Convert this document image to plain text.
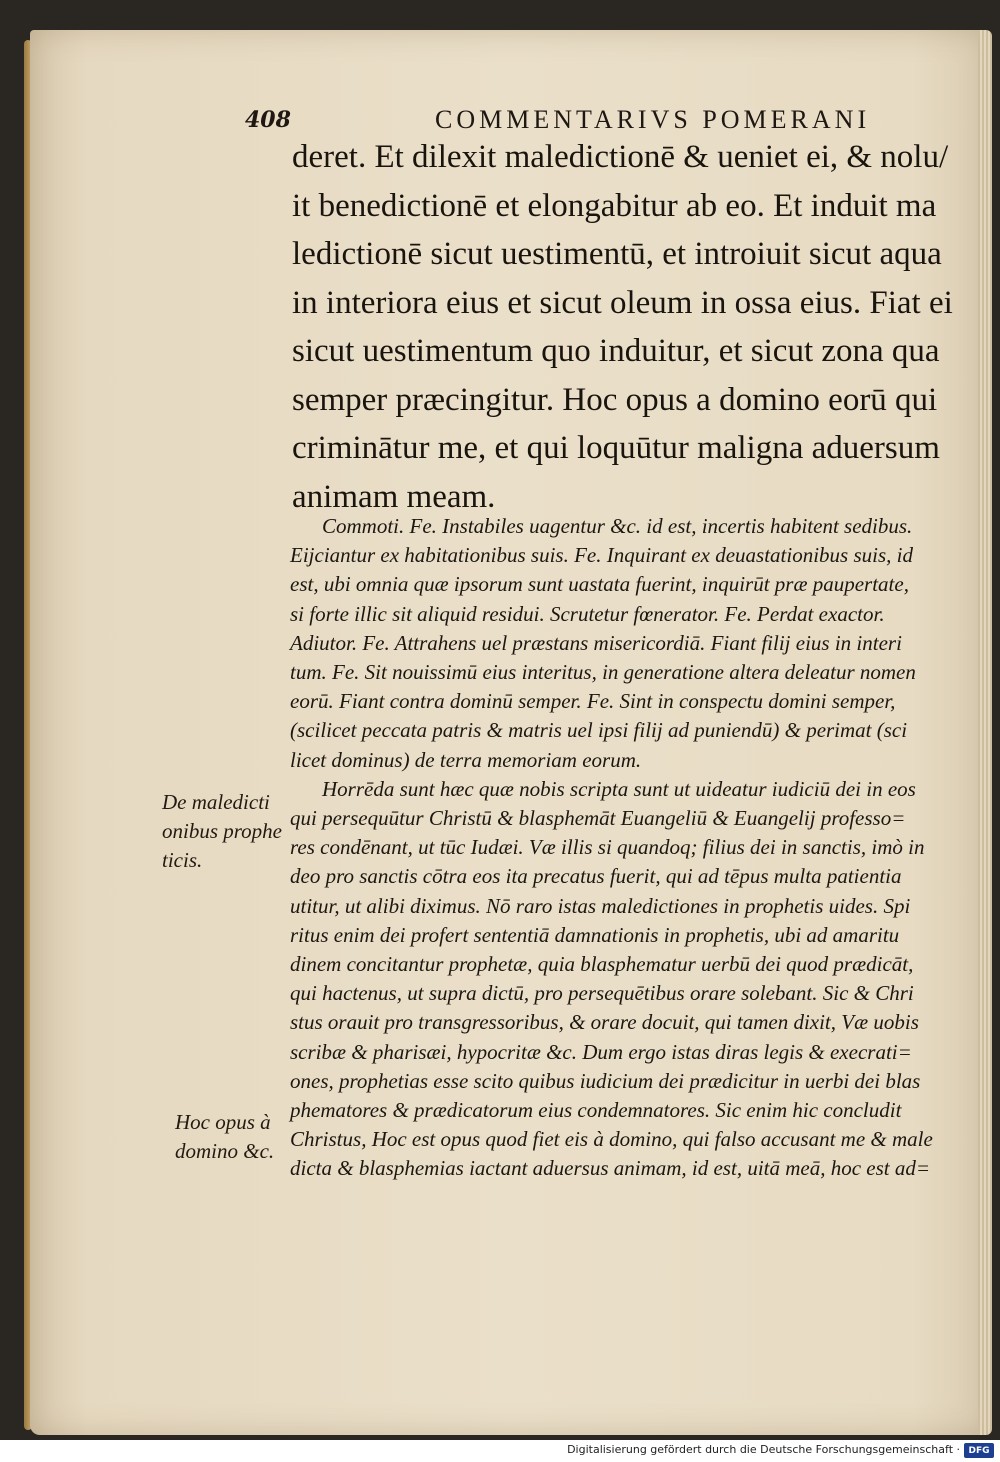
408	COMMENTARIVS POMERANI
deret. Et dilexit maledictionē & ueniet ei, & nolu/
it benedictionē et elongabitur ab eo. Et induit ma
ledictionē sicut uestimentū, et introiuit sicut aqua
in interiora eius et sicut oleum in ossa eius. Fiat ei
sicut uestimentum quo induitur, et sicut zona qua
semper præcingitur. Hoc opus a domino eorū qui
criminātur me, et qui loquūtur maligna aduersum
animam meam.
Commoti. Fe. Instabiles uagentur &c. id est, incertis habitent sedibus.
Eijciantur ex habitationibus suis. Fe. Inquirant ex deuastationibus suis, id
est, ubi omnia quæ ipsorum sunt uastata fuerint, inquirūt præ paupertate,
si forte illic sit aliquid residui. Scrutetur fœnerator. Fe. Perdat exactor.
Adiutor. Fe. Attrahens uel præstans misericordiā. Fiant filij eius in interi
tum. Fe. Sit nouissimū eius interitus, in generatione altera deleatur nomen
eorū. Fiant contra dominū semper. Fe. Sint in conspectu domini semper,
(scilicet peccata patris & matris uel ipsi filij ad puniendū) & perimat (sci
licet dominus) de terra memoriam eorum.
Horrēda sunt hæc quæ nobis scripta sunt ut uideatur iudiciū dei in eos
qui persequūtur Christū & blasphemāt Euangeliū & Euangelij professo=
res condēnant, ut tūc Iudæi. Væ illis si quandoq; filius dei in sanctis, imò in
deo pro sanctis cōtra eos ita precatus fuerit, qui ad tēpus multa patientia
utitur, ut alibi diximus. Nō raro istas maledictiones in prophetis uides. Spi
ritus enim dei profert sententiā damnationis in prophetis, ubi ad amaritu
dinem concitantur prophetæ, quia blasphematur uerbū dei quod prædicāt,
qui hactenus, ut supra dictū, pro persequētibus orare solebant. Sic & Chri
stus orauit pro transgressoribus, & orare docuit, qui tamen dixit, Væ uobis
scribæ & pharisæi, hypocritæ &c. Dum ergo istas diras legis & execrati=
ones, prophetias esse scito quibus iudicium dei prædicitur in uerbi dei blas
phematores & prædicatorum eius condemnatores. Sic enim hic concludit
Christus, Hoc est opus quod fiet eis à domino, qui falso accusant me & male
dicta & blasphemias iactant aduersus animam, id est, uitā meā, hoc est ad=
De maledicti
onibus prophe
ticis.
Hoc opus à
domino &c.
Digitalisierung gefördert durch die Deutsche Forschungsgemeinschaft · DFG
